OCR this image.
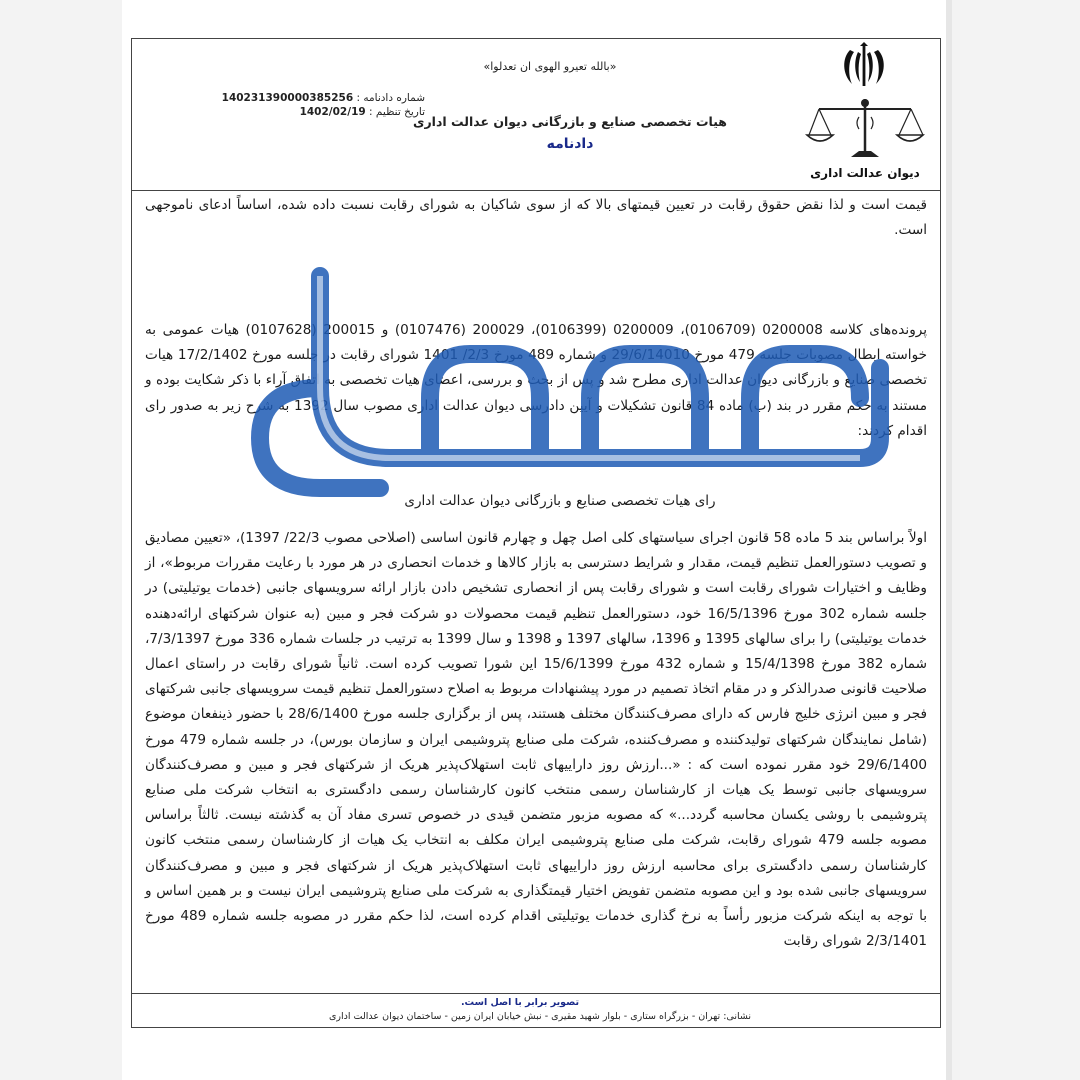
دیوان عدالت اداری
«بالله تعیرو الهوی ان تعدلوا»
هیات تخصصی صنایع و بازرگانی دیوان عدالت اداری
دادنامه
شماره دادنامه : 140231390000385256
تاریخ تنظیم : 1402/02/19
قیمت است و لذا نقض حقوق رقابت در تعیین قیمتهای بالا که از سوی شاکیان به شورای رقابت نسبت داده شده، اساساً ادعای ناموجهی است.
پرونده‌های کلاسه 0200008 (0106709)، 0200009 (0106399)، 200029 (0107476) و 200015 (0107628) هیات عمومی به خواسته ابطال مصوبات جلسه 479 مورخ 29/6/14010 و شماره 489 مورخ 2/3/ 1401 شورای رقابت در جلسه مورخ 17/2/1402 هیات تخصصی صنایع و بازرگانی دیوان عدالت اداری مطرح شد و پس از بحث و بررسی، اعضای هیات تخصصی به اتفاق آراء با ذکر شکایت بوده و مستند به حکم مقرر در بند (ب) ماده 84 قانون تشکیلات و آیین دادرسی دیوان عدالت اداری مصوب سال 1392 به شرح زیر به صدور رای اقدام کردند:
رای هیات تخصصی صنایع و بازرگانی دیوان عدالت اداری
اولاً براساس بند 5 ماده 58 قانون اجرای سیاستهای کلی اصل چهل و چهارم قانون اساسی (اصلاحی مصوب 22/3/ 1397)، «تعیین مصادیق و تصویب دستورالعمل تنظیم قیمت، مقدار و شرایط دسترسی به بازار کالاها و خدمات انحصاری در هر مورد با رعایت مقررات مربوط»، از وظایف و اختیارات شورای رقابت است و شورای رقابت پس از انحصاری تشخیص دادن بازار ارائه سرویسهای جانبی (خدمات یوتیلیتی) در جلسه شماره 302 مورخ 16/5/1396 خود، دستورالعمل تنظیم قیمت محصولات دو شرکت فجر و مبین (به عنوان شرکتهای ارائه‌دهنده خدمات یوتیلیتی) را برای سالهای 1395 و 1396، سالهای 1397 و 1398 و سال 1399 به ترتیب در جلسات شماره 336 مورخ 7/3/1397، شماره 382 مورخ 15/4/1398 و شماره 432 مورخ 15/6/1399 این شورا تصویب کرده است. ثانیاً شورای رقابت در راستای اعمال صلاحیت قانونی صدرالذکر و در مقام اتخاذ تصمیم در مورد پیشنهادات مربوط به اصلاح دستورالعمل تنظیم قیمت سرویسهای جانبی شرکتهای فجر و مبین انرژی خلیج فارس که دارای مصرف‌کنندگان مختلف هستند، پس از برگزاری جلسه مورخ 28/6/1400 با حضور ذینفعان موضوع (شامل نمایندگان شرکتهای تولیدکننده و مصرف‌کننده، شرکت ملی صنایع پتروشیمی ایران و سازمان بورس)، در جلسه شماره 479 مورخ 29/6/1400 خود مقرر نموده است که : «...ارزش روز داراییهای ثابت استهلاک‌پذیر هریک از شرکتهای فجر و مبین و مصرف‌کنندگان سرویسهای جانبی توسط یک هیات از کارشناسان رسمی منتخب کانون کارشناسان رسمی دادگستری به انتخاب شرکت ملی صنایع پتروشیمی با روشی یکسان محاسبه گردد...» که مصوبه مزبور متضمن قیدی در خصوص تسری مفاد آن به گذشته نیست. ثالثاً براساس مصوبه جلسه 479 شورای رقابت، شرکت ملی صنایع پتروشیمی ایران مکلف به انتخاب یک هیات از کارشناسان رسمی منتخب کانون کارشناسان رسمی دادگستری برای محاسبه ارزش روز داراییهای ثابت استهلاک‌پذیر هریک از شرکتهای فجر و مبین و مصرف‌کنندگان سرویسهای جانبی شده بود و این مصوبه متضمن تفویض اختیار قیمتگذاری به شرکت ملی صنایع پتروشیمی ایران نیست و بر همین اساس و با توجه به اینکه شرکت مزبور رأساً به نرخ گذاری خدمات یوتیلیتی اقدام کرده است، لذا حکم مقرر در مصوبه جلسه شماره 489 مورخ 2/3/1401 شورای رقابت
تصویر برابر با اصل است.
نشانی: تهران - بزرگراه ستاری - بلوار شهید مقیری - نبش خیابان ایران زمین - ساختمان دیوان عدالت اداری
